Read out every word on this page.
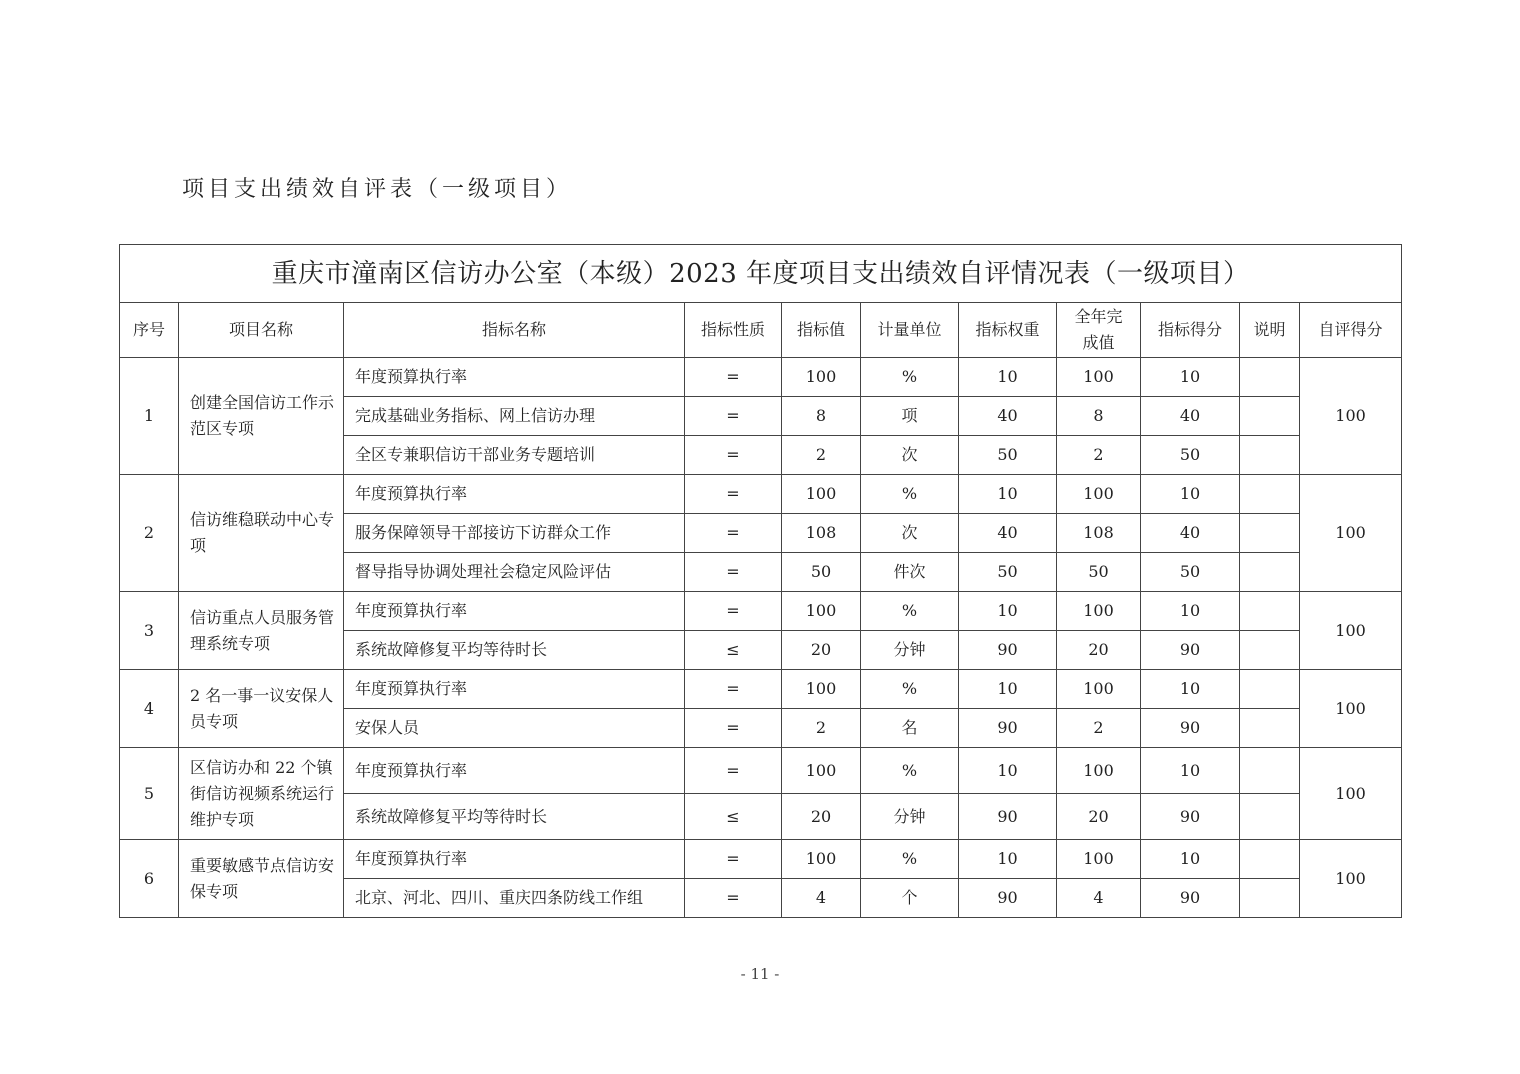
项目支出绩效自评表（一级项目）
重庆市潼南区信访办公室（本级）2023 年度项目支出绩效自评情况表（一级项目）										
序号	项目名称	指标名称	指标性质	指标值	计量单位	指标权重	全年完成值	指标得分	说明	自评得分
1	创建全国信访工作示范区专项	年度预算执行率	=	100	%	10	100	10		100
		完成基础业务指标、网上信访办理	=	8	项	40	8	40		
		全区专兼职信访干部业务专题培训	=	2	次	50	2	50		
2	信访维稳联动中心专项	年度预算执行率	=	100	%	10	100	10		100
		服务保障领导干部接访下访群众工作	=	108	次	40	108	40		
		督导指导协调处理社会稳定风险评估	=	50	件次	50	50	50		
3	信访重点人员服务管理系统专项	年度预算执行率	=	100	%	10	100	10		100
		系统故障修复平均等待时长	≤	20	分钟	90	20	90		
4	2 名一事一议安保人员专项	年度预算执行率	=	100	%	10	100	10		100
		安保人员	=	2	名	90	2	90		
5	区信访办和 22 个镇街信访视频系统运行维护专项	年度预算执行率	=	100	%	10	100	10		100
		系统故障修复平均等待时长	≤	20	分钟	90	20	90		
6	重要敏感节点信访安保专项	年度预算执行率	=	100	%	10	100	10		100
		北京、河北、四川、重庆四条防线工作组	=	4	个	90	4	90		
- 11 -
